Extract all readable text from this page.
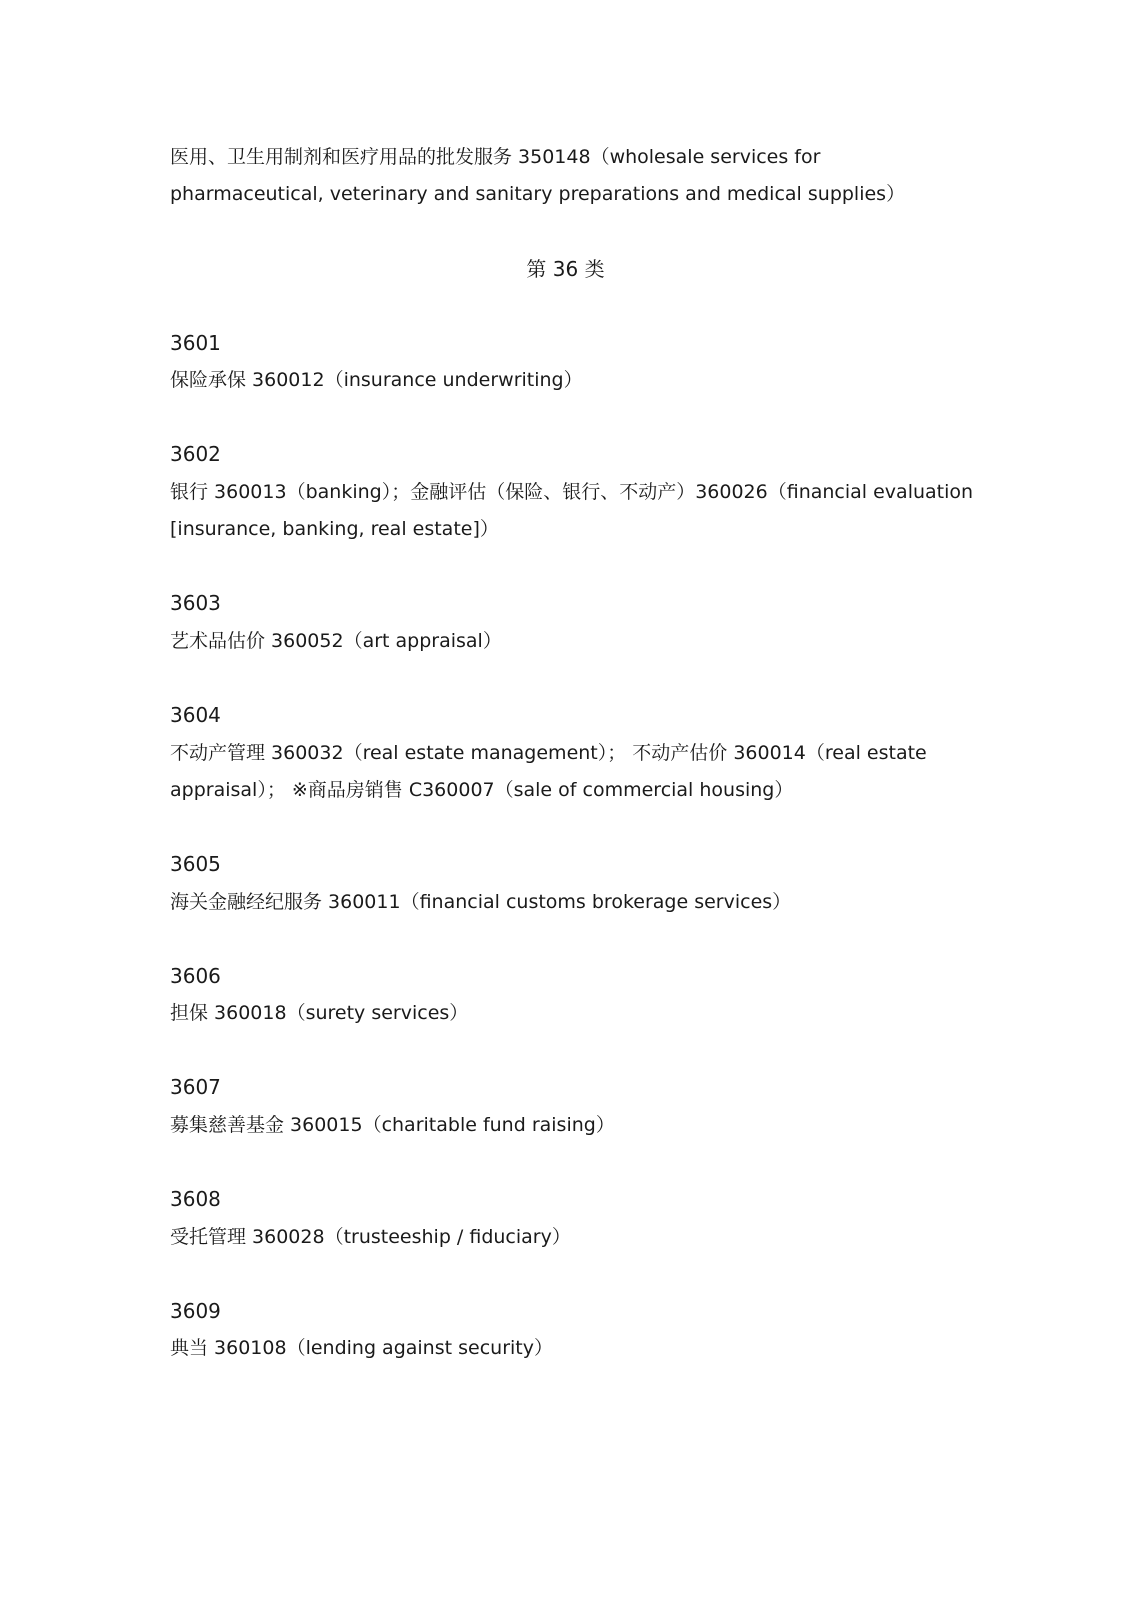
医用、卫生用制剂和医疗用品的批发服务 350148（wholesale services for
pharmaceutical, veterinary and sanitary preparations and medical supplies）
第 36 类
3601
保险承保 360012（insurance underwriting）
3602
银行 360013（banking）；金融评估（保险、银行、不动产）360026（financial evaluation
[insurance, banking, real estate]）
3603
艺术品估价 360052（art appraisal）
3604
不动产管理 360032（real estate management）； 不动产估价 360014（real estate
appraisal）； ※商品房销售 C360007（sale of commercial housing）
3605
海关金融经纪服务 360011（financial customs brokerage services）
3606
担保 360018（surety services）
3607
募集慈善基金 360015（charitable fund raising）
3608
受托管理 360028（trusteeship / fiduciary）
3609
典当 360108（lending against security）
